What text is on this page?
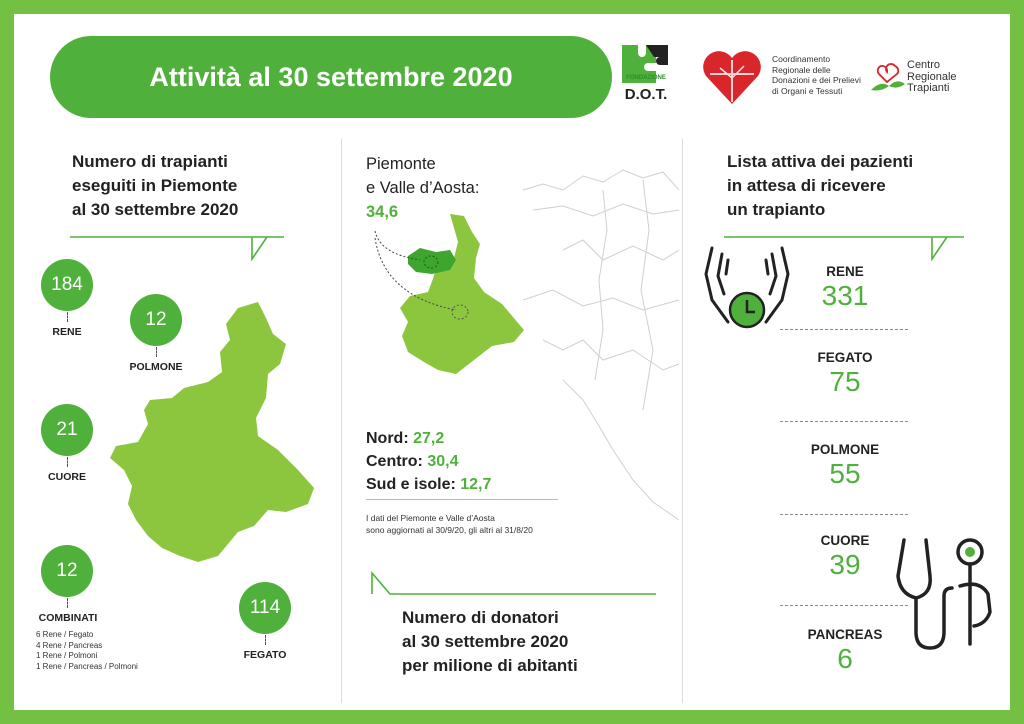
Attività al 30 settembre 2020	FONDAZIONE
D.O.T.
Coordinamento Regionale delle Donazioni e dei Prelievi di Organi e Tessuti
Centro
Regionale
Trapianti
Numero di trapianti
eseguiti in Piemonte
al 30 settembre 2020
184
RENE
12
POLMONE
21
CUORE
12
COMBINATI
6 Rene / Fegato
4 Rene / Pancreas
1 Rene / Polmoni
1 Rene / Pancreas / Polmoni
114
FEGATO
Piemonte
e Valle d’Aosta:
34,6
Nord: 27,2
Centro: 30,4
Sud e isole: 12,7
I dati del Piemonte e Valle d’Aosta
sono aggiornati al 30/9/20, gli altri al 31/8/20
Numero di donatori
al 30 settembre 2020
per milione di abitanti
Lista attiva dei pazienti
in attesa di ricevere
un trapianto
RENE
331
FEGATO
75
POLMONE
55
CUORE
39
PANCREAS
6
